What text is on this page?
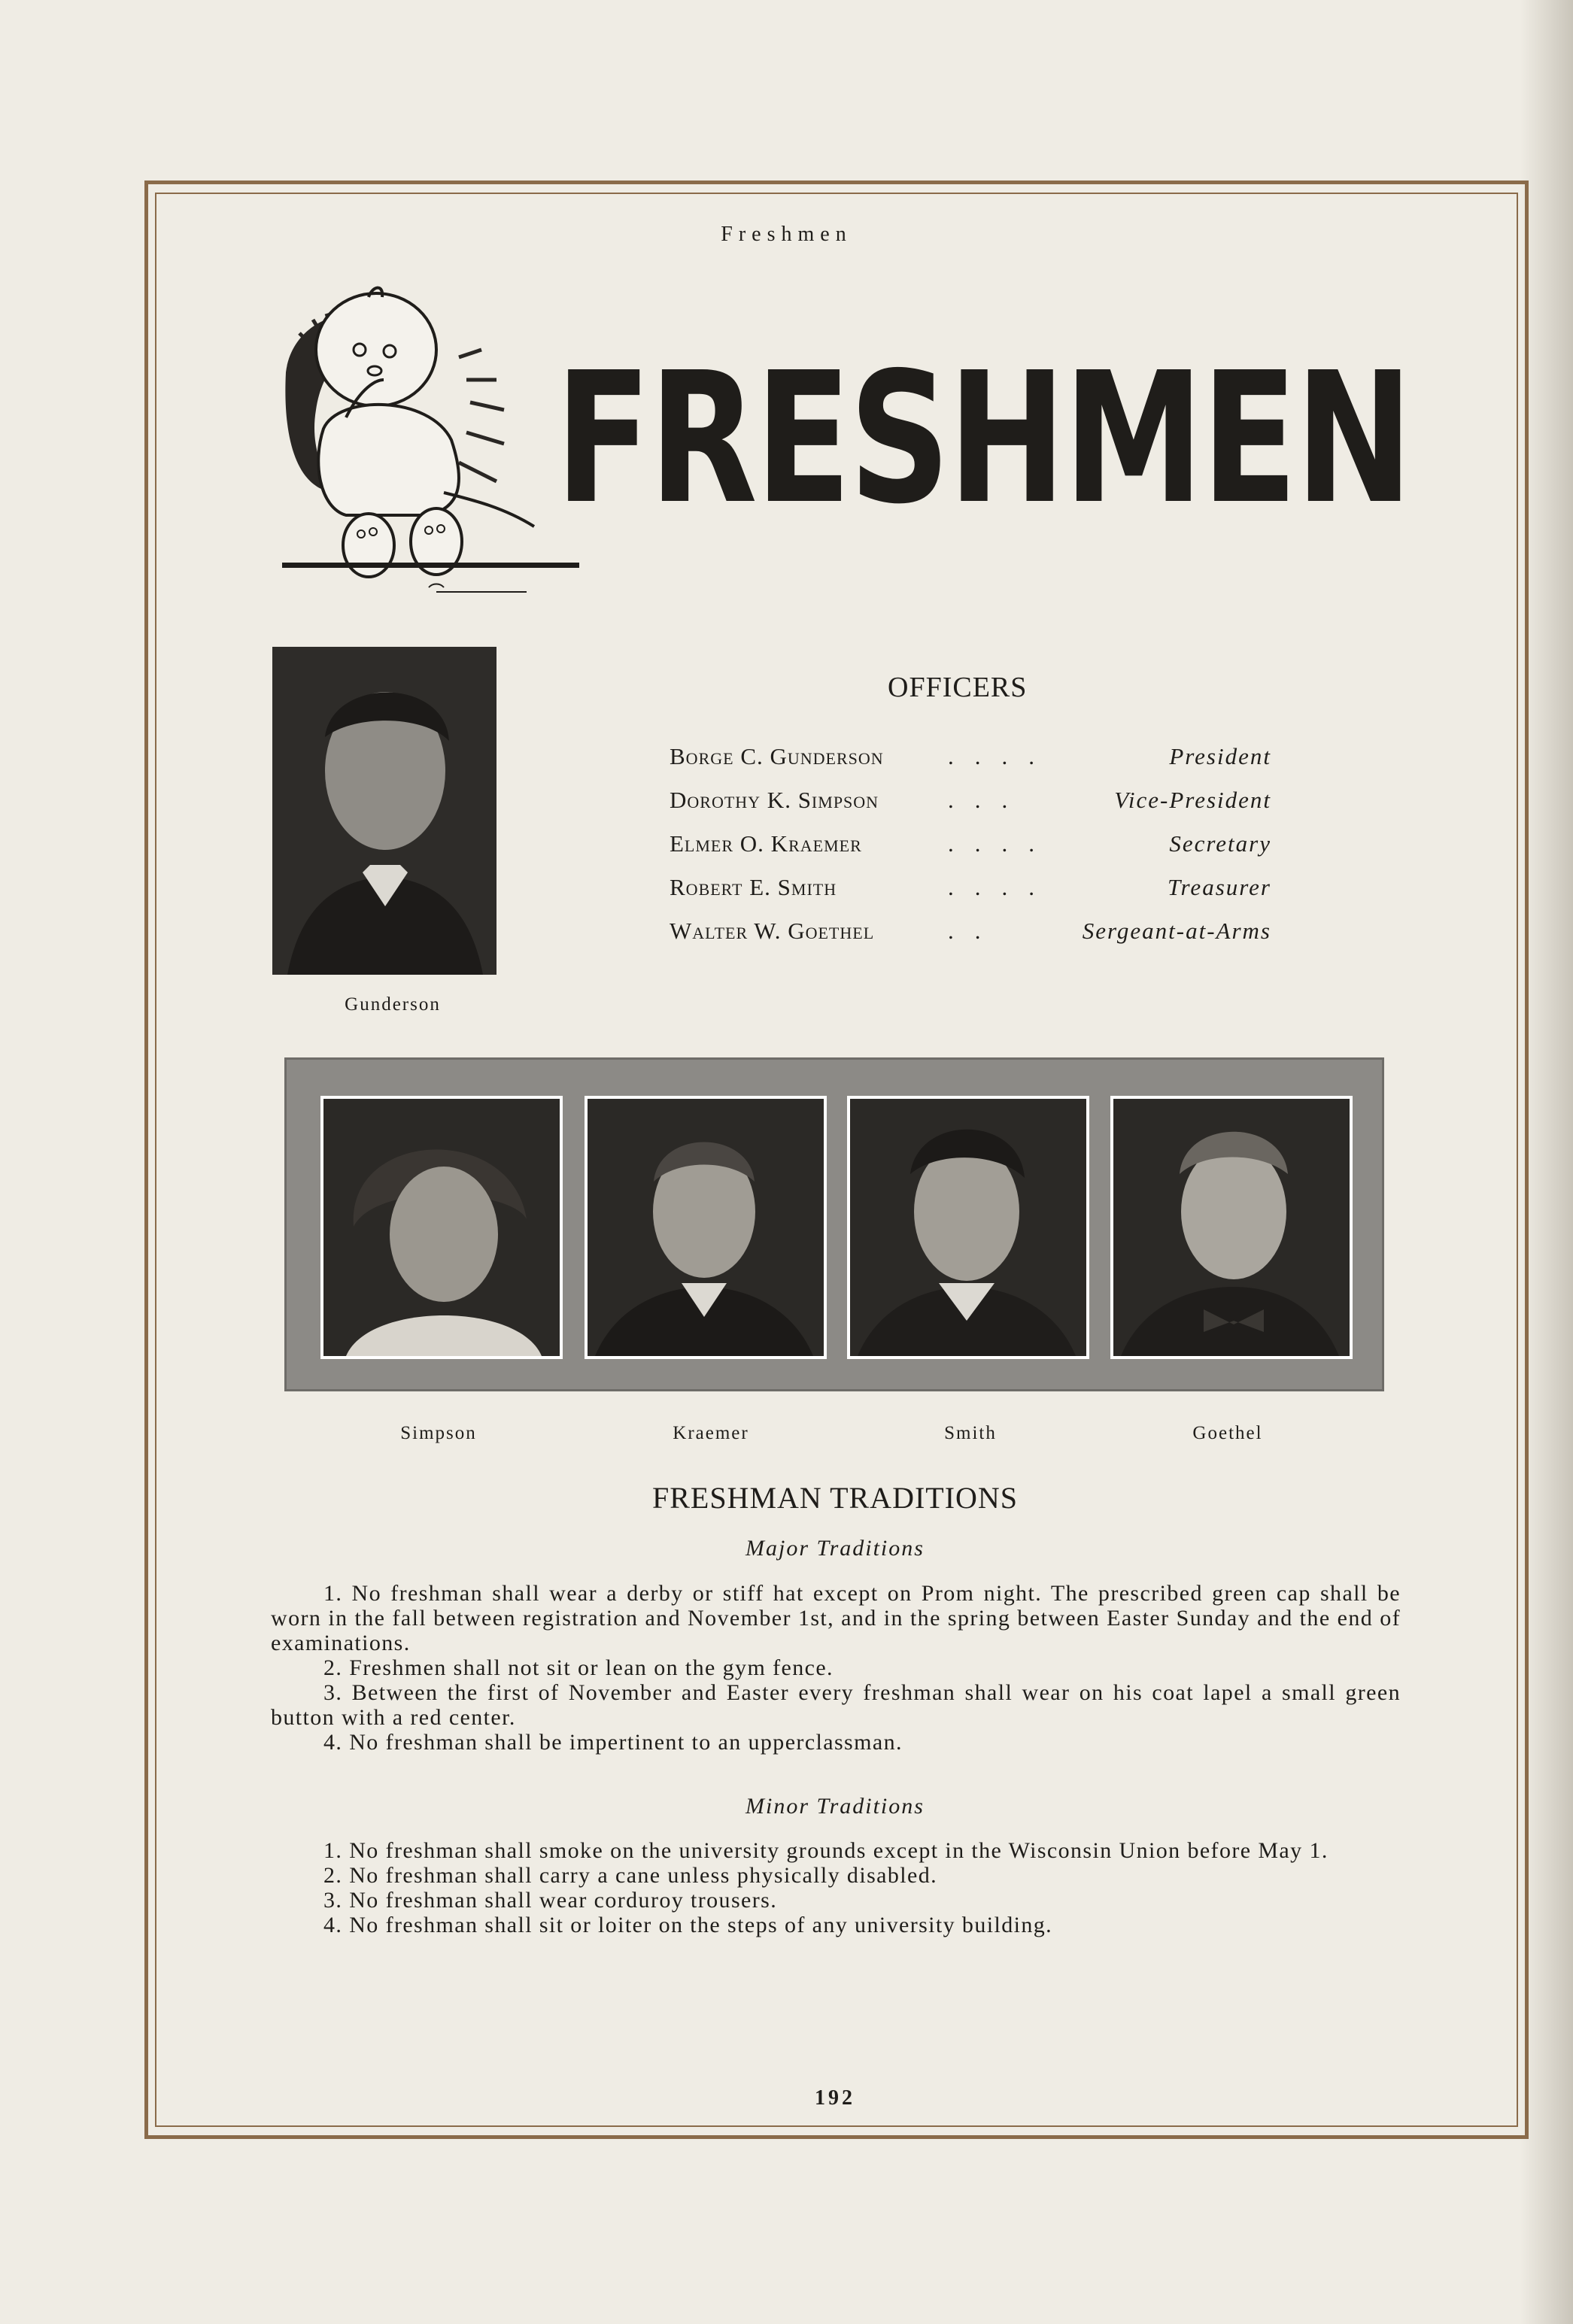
Freshmen
FRESHMEN
Gunderson
OFFICERS
Borge C. Gunderson	....	President
Dorothy K. Simpson	...	Vice-President
Elmer O. Kraemer	....	Secretary
Robert E. Smith	....	Treasurer
Walter W. Goethel	..	Sergeant-at-Arms
Simpson	Kraemer	Smith	Goethel
FRESHMAN TRADITIONS
Major Traditions

1. No freshman shall wear a derby or stiff hat except on Prom night. The prescribed green cap shall be worn in the fall between registration and November 1st, and in the spring between Easter Sunday and the end of examinations.

2. Freshmen shall not sit or lean on the gym fence.

3. Between the first of November and Easter every freshman shall wear on his coat lapel a small green button with a red center.

4. No freshman shall be impertinent to an upperclassman.

Minor Traditions

1. No freshman shall smoke on the university grounds except in the Wisconsin Union before May 1.

2. No freshman shall carry a cane unless physically disabled.

3. No freshman shall wear corduroy trousers.

4. No freshman shall sit or loiter on the steps of any university building.

192
